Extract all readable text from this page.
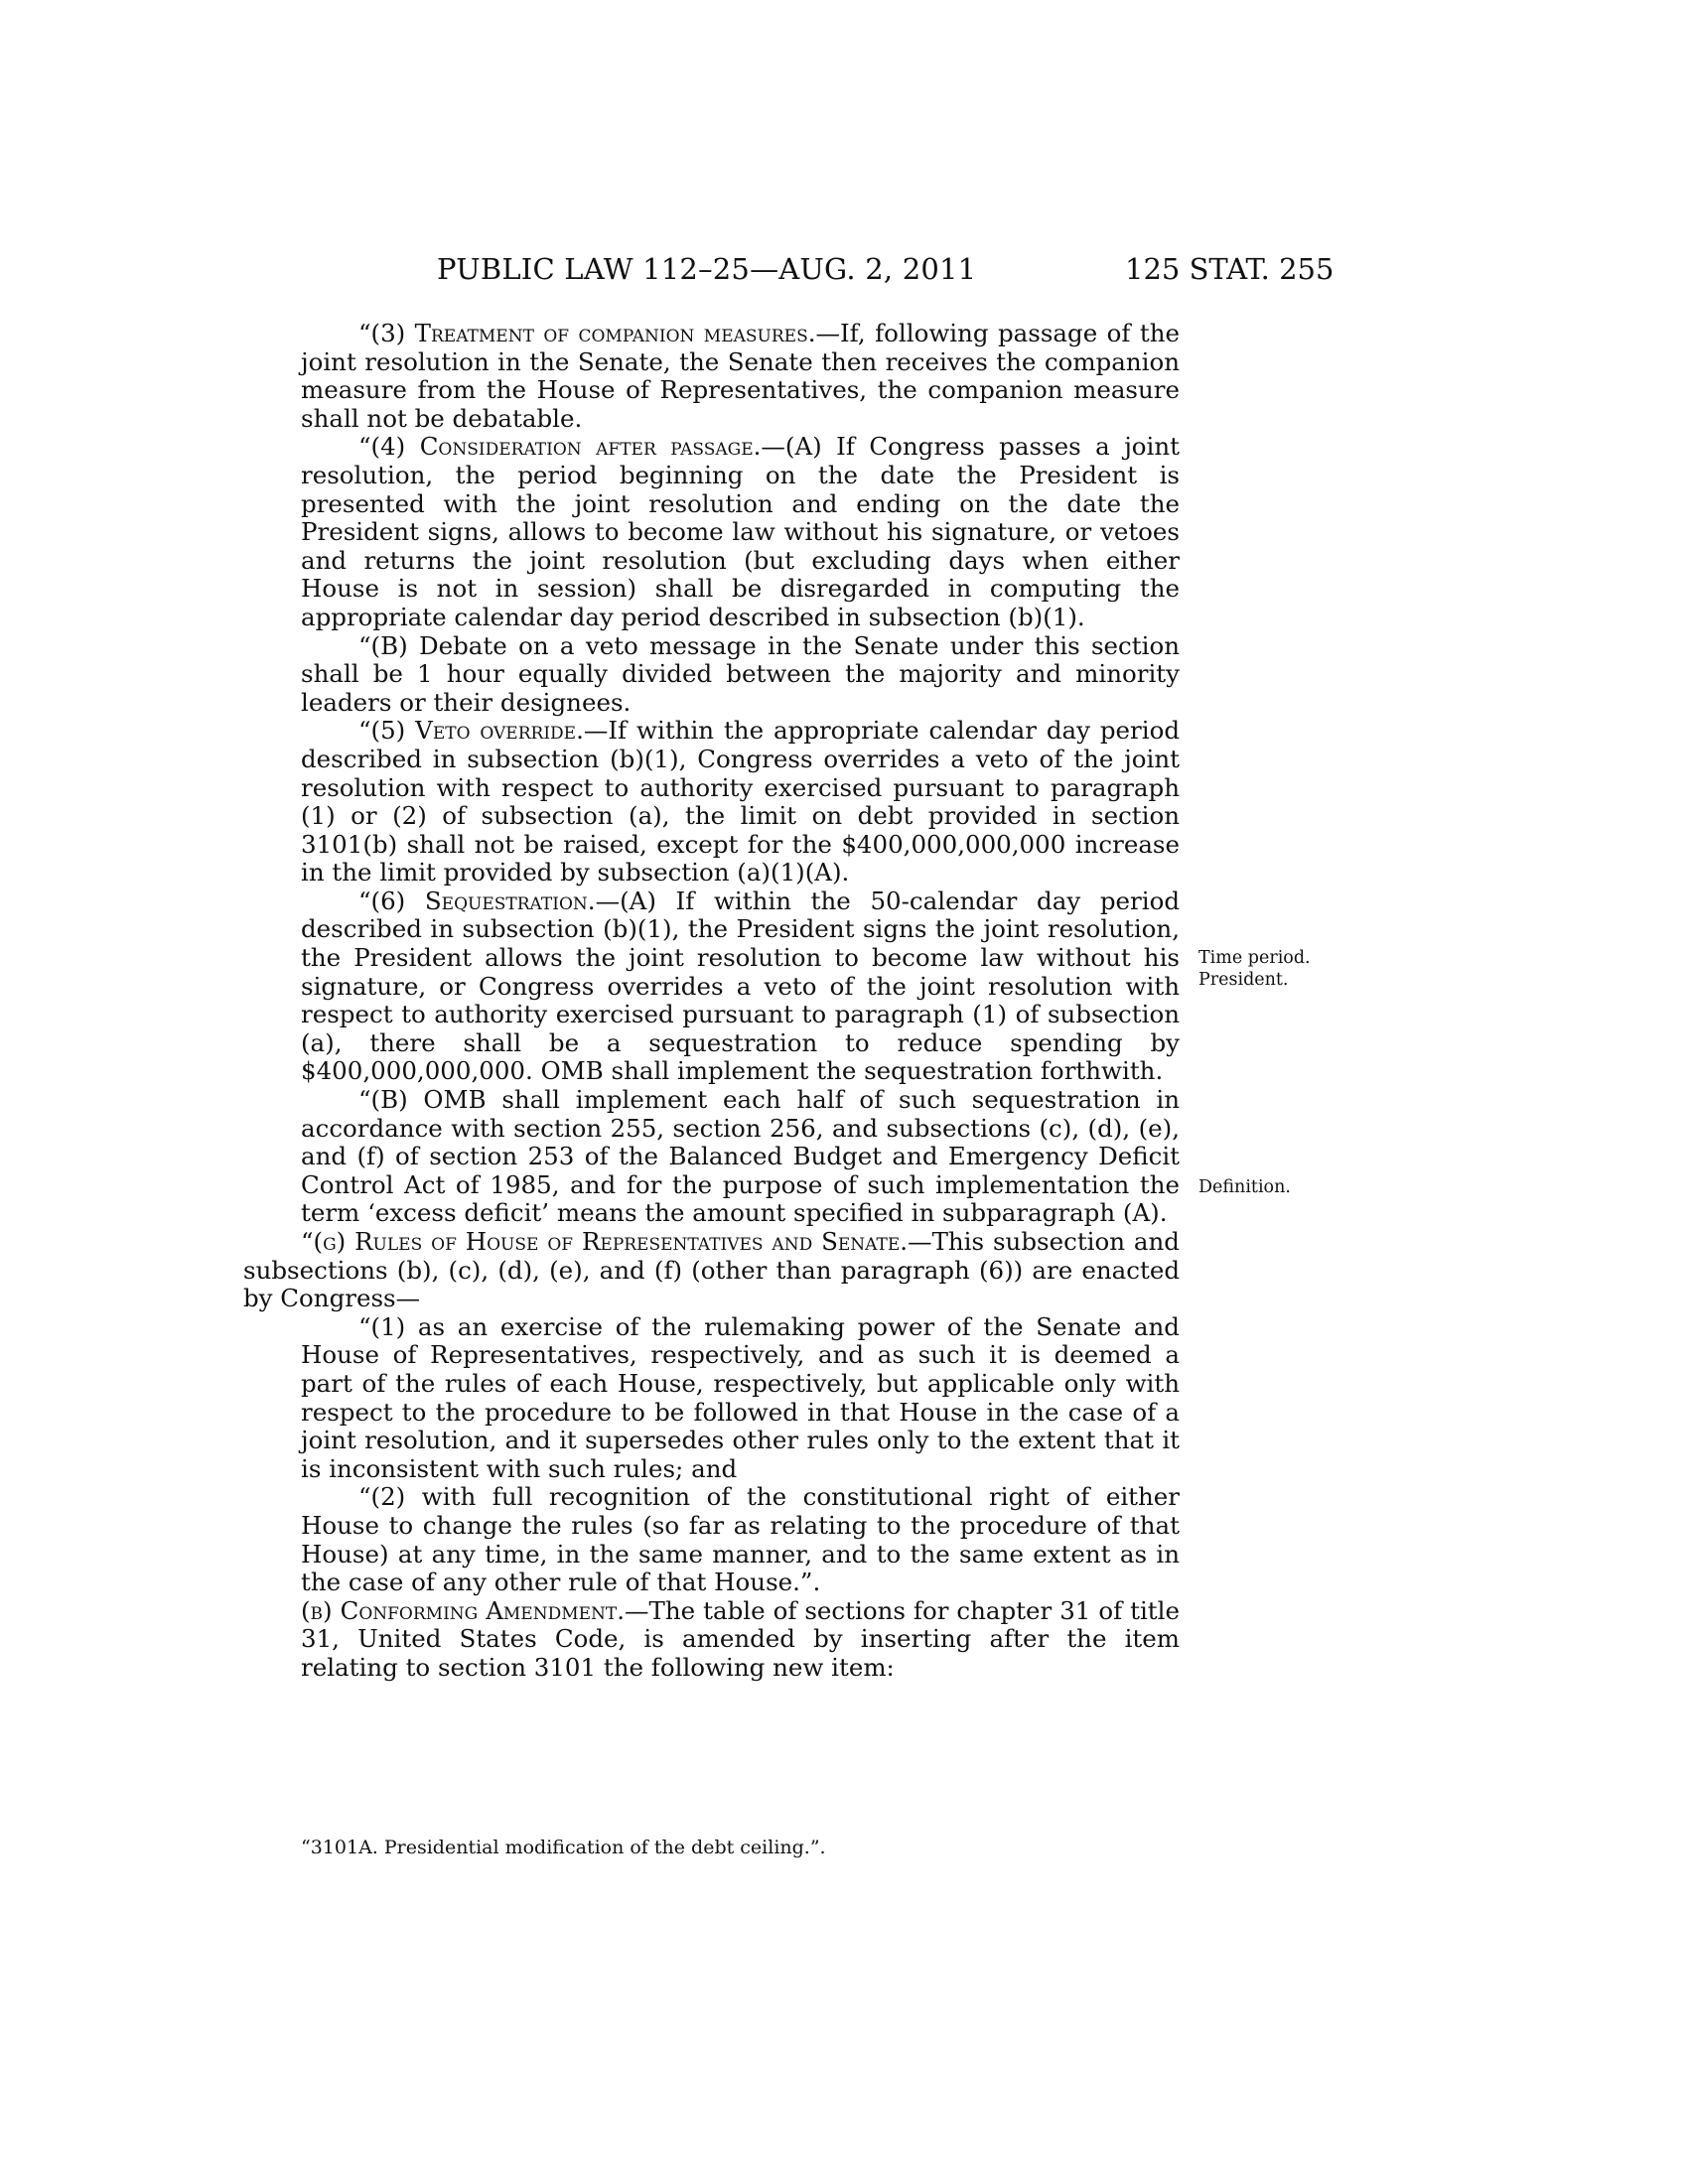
PUBLIC LAW 112–25—AUG. 2, 2011	125 STAT. 255

“(3) Treatment of companion measures.—If, following passage of the joint resolution in the Senate, the Senate then receives the companion measure from the House of Representatives, the companion measure shall not be debatable.

“(4) Consideration after passage.—(A) If Congress passes a joint resolution, the period beginning on the date the President is presented with the joint resolution and ending on the date the President signs, allows to become law without his signature, or vetoes and returns the joint resolution (but excluding days when either House is not in session) shall be disregarded in computing the appropriate calendar day period described in subsection (b)(1).

“(B) Debate on a veto message in the Senate under this section shall be 1 hour equally divided between the majority and minority leaders or their designees.

“(5) Veto override.—If within the appropriate calendar day period described in subsection (b)(1), Congress overrides a veto of the joint resolution with respect to authority exercised pursuant to paragraph (1) or (2) of subsection (a), the limit on debt provided in section 3101(b) shall not be raised, except for the $400,000,000,000 increase in the limit provided by subsection (a)(1)(A).

“(6) Sequestration.—(A) If within the 50-calendar day period described in subsection (b)(1), the President signs the joint resolution, the President allows the joint resolution to become law without his signature, or Congress overrides a veto of the joint resolution with respect to authority exercised pursuant to paragraph (1) of subsection (a), there shall be a sequestration to reduce spending by $400,000,000,000. OMB shall implement the sequestration forthwith.

“(B) OMB shall implement each half of such sequestration in accordance with section 255, section 256, and subsections (c), (d), (e), and (f) of section 253 of the Balanced Budget and Emergency Deficit Control Act of 1985, and for the purpose of such implementation the term ‘excess deficit’ means the amount specified in subparagraph (A).

“(g) Rules of House of Representatives and Senate.—This subsection and subsections (b), (c), (d), (e), and (f) (other than paragraph (6)) are enacted by Congress—

“(1) as an exercise of the rulemaking power of the Senate and House of Representatives, respectively, and as such it is deemed a part of the rules of each House, respectively, but applicable only with respect to the procedure to be followed in that House in the case of a joint resolution, and it supersedes other rules only to the extent that it is inconsistent with such rules; and

“(2) with full recognition of the constitutional right of either House to change the rules (so far as relating to the procedure of that House) at any time, in the same manner, and to the same extent as in the case of any other rule of that House.”.

(b) Conforming Amendment.—The table of sections for chapter 31 of title 31, United States Code, is amended by inserting after the item relating to section 3101 the following new item:

“3101A. Presidential modification of the debt ceiling.”.
Time period.
President.
Definition.
